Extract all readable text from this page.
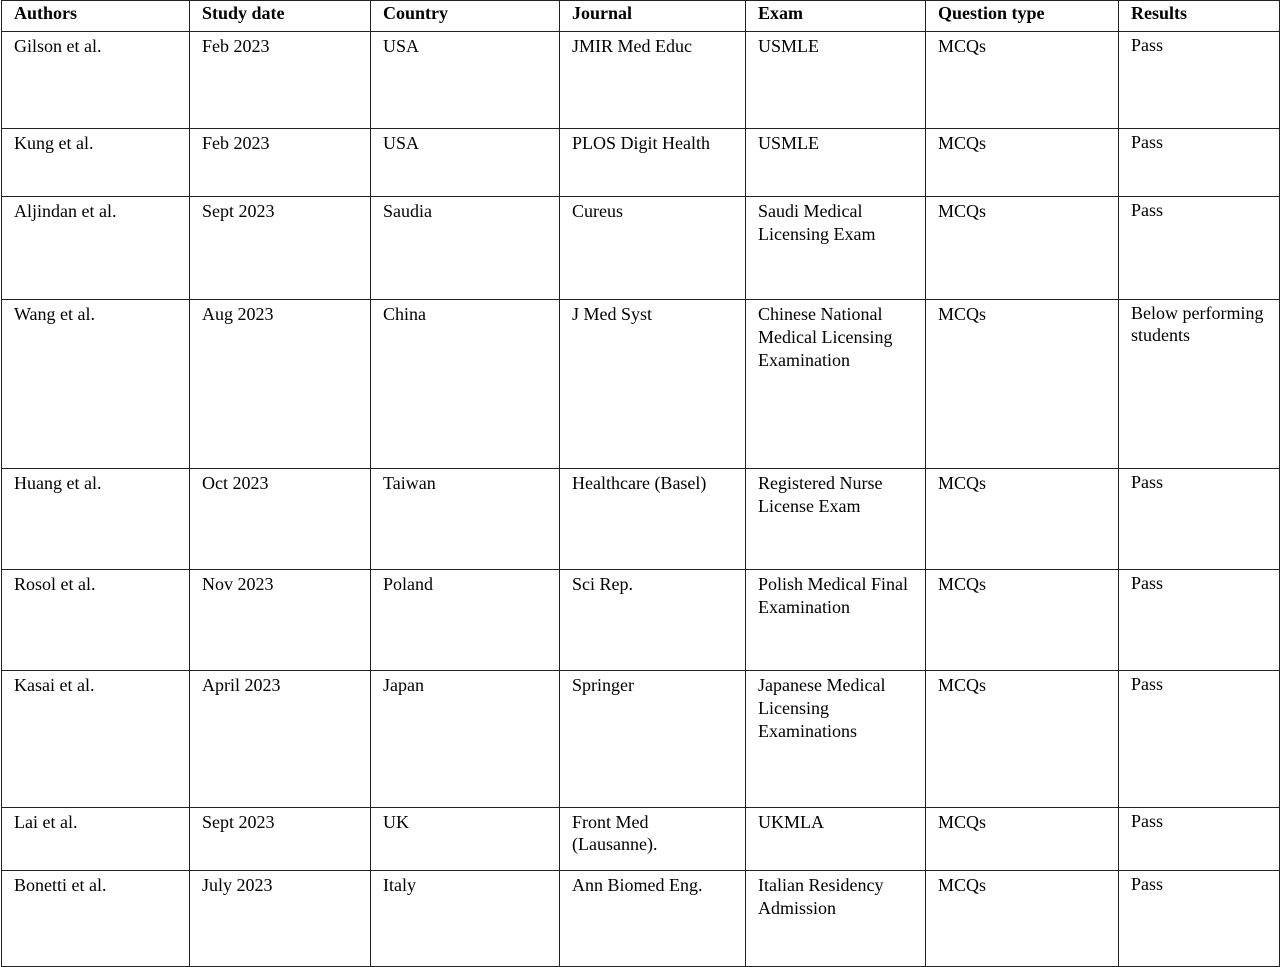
Authors	Study date	Country	Journal	Exam	Question type	Results
Gilson et al.	Feb 2023	USA	JMIR Med Educ	USMLE	MCQs	Pass
Kung et al.	Feb 2023	USA	PLOS Digit Health	USMLE	MCQs	Pass
Aljindan et al.	Sept 2023	Saudia	Cureus	Saudi Medical Licensing Exam	MCQs	Pass
Wang et al.	Aug 2023	China	J Med Syst	Chinese National Medical Licensing Examination	MCQs	Below performing students
Huang et al.	Oct 2023	Taiwan	Healthcare (Basel)	Registered Nurse License Exam	MCQs	Pass
Rosol et al.	Nov 2023	Poland	Sci Rep.	Polish Medical Final Examination	MCQs	Pass
Kasai et al.	April 2023	Japan	Springer	Japanese Medical Licensing Examinations	MCQs	Pass
Lai et al.	Sept 2023	UK	Front Med (Lausanne).	UKMLA	MCQs	Pass
Bonetti et al.	July 2023	Italy	Ann Biomed Eng.	Italian Residency Admission	MCQs	Pass
